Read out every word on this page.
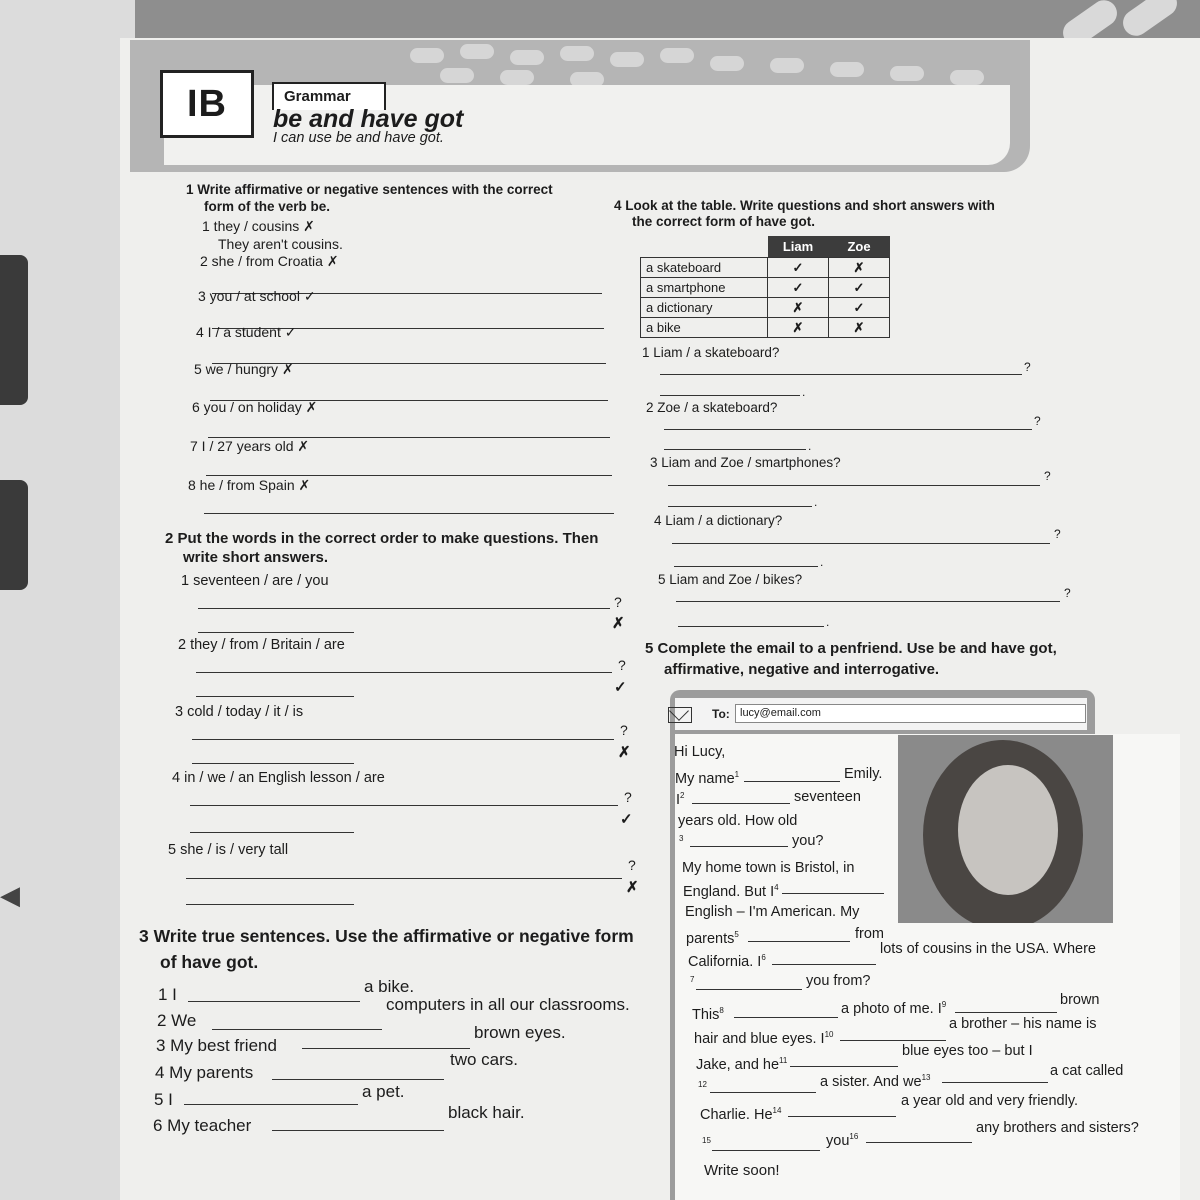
◀
IB	Grammar
be and have got
I can use be and have got.
1 Write affirmative or negative sentences with the correct
form of the verb be.
1 they / cousins ✗
They aren't cousins.
2 she / from Croatia ✗
3 you / at school ✓
4 I / a student ✓
5 we / hungry ✗
6 you / on holiday ✗
7 I / 27 years old ✗
8 he / from Spain ✗
2 Put the words in the correct order to make questions. Then
write short answers.
1 seventeen / are / you
?
✗
2 they / from / Britain / are
?
✓
3 cold / today / it / is
?
✗
4 in / we / an English lesson / are
?
✓
5 she / is / very tall
?
✗
3 Write true sentences. Use the affirmative or negative form
of have got.
1 I	a bike.
2 We
computers in all our classrooms.
3 My best friend
brown eyes.
4 My parents
two cars.
5 I	a pet.
6 My teacher
black hair.
4 Look at the table. Write questions and short answers with
the correct form of have got.
	Liam	Zoe
a skateboard	✓	✗
a smartphone	✓	✓
a dictionary	✗	✓
a bike	✗	✗
1 Liam / a skateboard?
?
.
2 Zoe / a skateboard?
?
.
3 Liam and Zoe / smartphones?
?
.
4 Liam / a dictionary?
?
.
5 Liam and Zoe / bikes?
?
.
5 Complete the email to a penfriend. Use be and have got,
affirmative, negative and interrogative.
To: lucy@email.com
Hi Lucy,
My name$^1$	Emily.
$I^2$	seventeen
years old. How old
$^3$	you?
My home town is Bristol, in
England. But $I^4$
English – I'm American. My
parents$^5$	from
California. $I^6$
lots of cousins in the USA. Where
$^7$	you from?
This$^8$	a photo of me. $I^9$	brown
hair and blue eyes. $I^{10}$
a brother – his name is
Jake, and $he^{11}$
blue eyes too – but I
$^{12}$	a sister. And $we^{13}$	a cat called
Charlie. He$^{14}$
a year old and very friendly.
$^{15}$	you$^{16}$
any brothers and sisters?
Write soon!
